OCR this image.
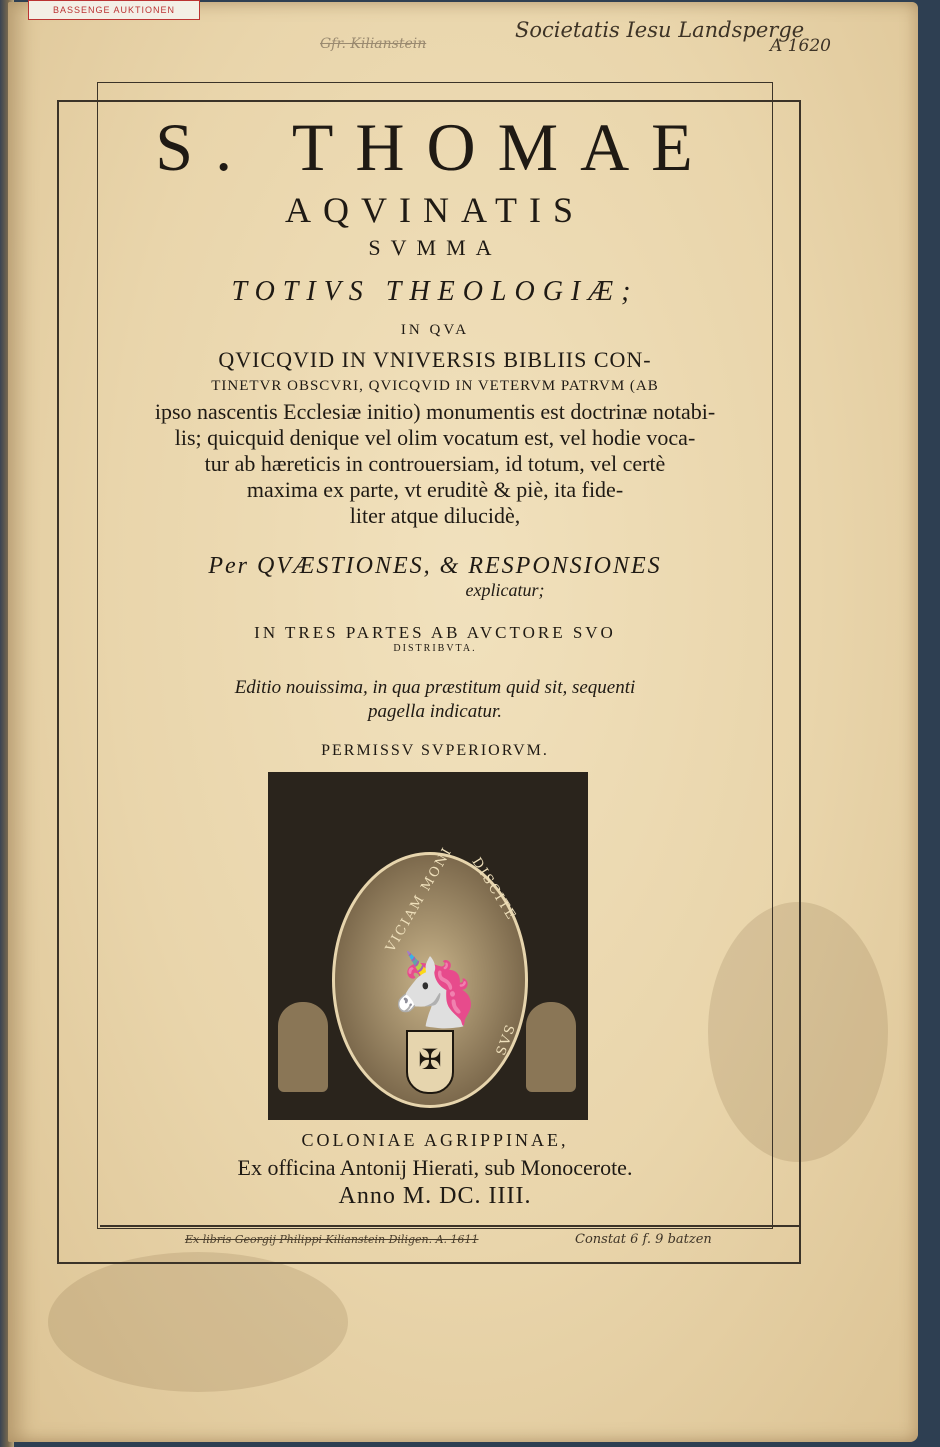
BASSENGE AUKTIONEN
Gfr. Kilianstein
Societatis Iesu Landsperge
A 1620
S. THOMAE
AQVINATIS
SVMMA
TOTIVS THEOLOGIÆ;
IN QVA
QVICQVID IN VNIVERSIS BIBLIIS CON-
TINETVR OBSCVRI, QVICQVID IN VETERVM PATRVM (AB
ipso nascentis Ecclesiæ initio) monumentis est doctrinæ notabi-
lis; quicquid denique vel olim vocatum est, vel hodie voca-
tur ab hæreticis in controuersiam, id totum, vel certè
maxima ex parte, vt eruditè & piè, ita fide-
liter atque dilucidè,
Per QVÆSTIONES, & RESPONSIONES
explicatur;
IN TRES PARTES AB AVCTORE SVO
DISTRIBVTA.
Editio nouissima, in qua præstitum quid sit, sequenti
pagella indicatur.
PERMISSV SVPERIORVM.
VICIAM MONI DISCITE
SVS
🦄
✠
COLONIAE AGRIPPINAE,
Ex officina Antonij Hierati, sub Monocerote.
Anno M. DC. IIII.
Ex libris Georgij Philippi Kilianstein Diligen. A. 1611	Constat 6 f. 9 batzen
